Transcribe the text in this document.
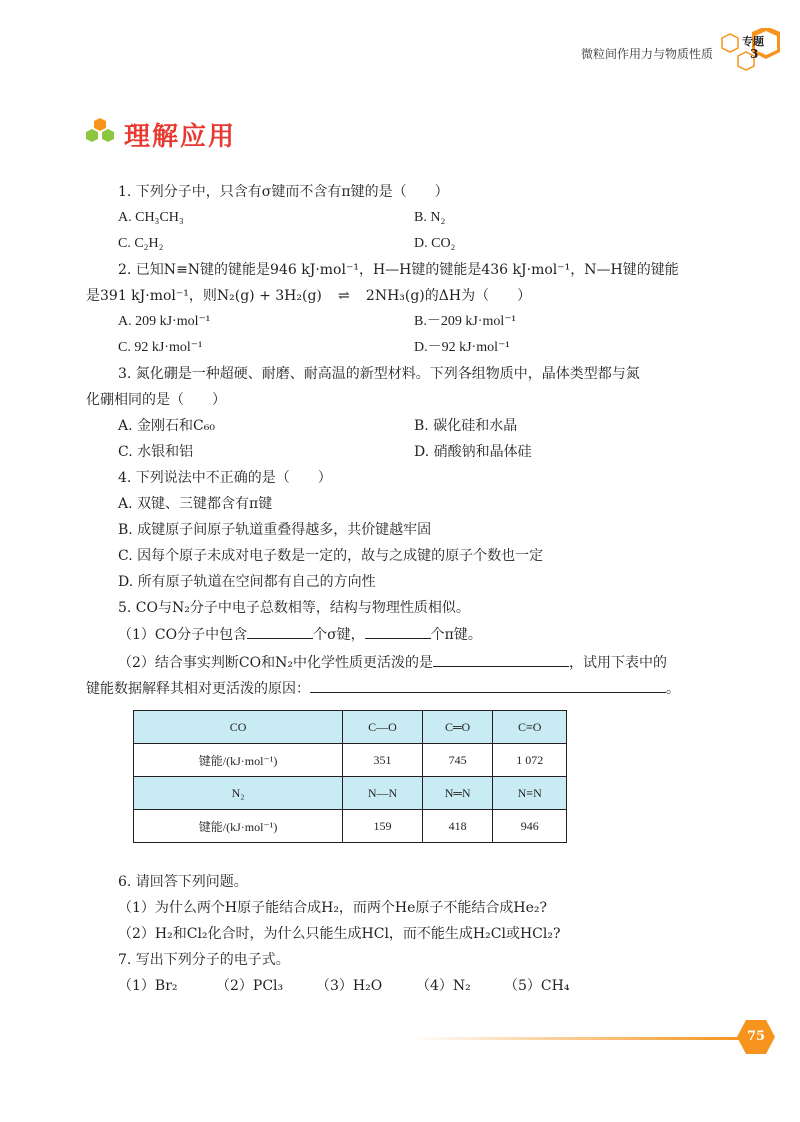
微粒间作用力与物质性质
专题
3
理解应用
1. 下列分子中，只含有σ键而不含有π键的是（　　）
A. CH₃CH₃	B. N₂
C. C₂H₂	D. CO₂
2. 已知N≡N键的键能是946 kJ·mol⁻¹，H—H键的键能是436 kJ·mol⁻¹，N—H键的键能
是391 kJ·mol⁻¹，则N₂(g) + 3H₂(g) ⇌ 2NH₃(g)的ΔH为（　　）
A. 209 kJ·mol⁻¹	B.－209 kJ·mol⁻¹
C. 92 kJ·mol⁻¹	D.－92 kJ·mol⁻¹
3. 氮化硼是一种超硬、耐磨、耐高温的新型材料。下列各组物质中，晶体类型都与氮
化硼相同的是（　　）
A. 金刚石和C₆₀	B. 碳化硅和水晶
C. 水银和铝	D. 硝酸钠和晶体硅
4. 下列说法中不正确的是（　　）
A. 双键、三键都含有π键
B. 成键原子间原子轨道重叠得越多，共价键越牢固
C. 因每个原子未成对电子数是一定的，故与之成键的原子个数也一定
D. 所有原子轨道在空间都有自己的方向性
5. CO与N₂分子中电子总数相等，结构与物理性质相似。
（1）CO分子中包含	个σ键，	个π键。
（2）结合事实判断CO和N₂中化学性质更活泼的是	，试用下表中的
键能数据解释其相对更活泼的原因：	。
CO	C—O	C═O	C≡O
键能/(kJ·mol⁻¹)	351	745	1 072
N₂	N—N	N═N	N≡N
键能/(kJ·mol⁻¹)	159	418	946
6. 请回答下列问题。
（1）为什么两个H原子能结合成H₂，而两个He原子不能结合成He₂?
（2）H₂和Cl₂化合时，为什么只能生成HCl，而不能生成H₂Cl或HCl₂?
7. 写出下列分子的电子式。
（1）Br₂	（2）PCl₃ （3）H₂O （4）N₂ （5）CH₄
75
